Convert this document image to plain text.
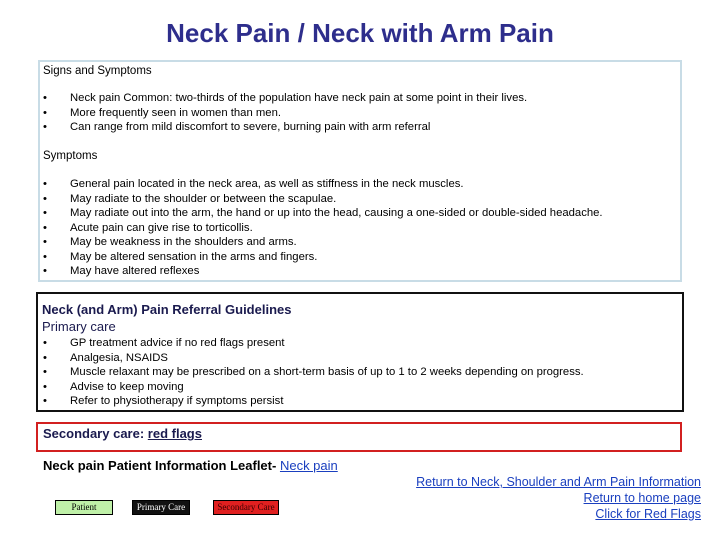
Neck Pain / Neck with Arm Pain
Signs and Symptoms
• Neck pain Common: two-thirds of the population have neck pain at some point in their lives.
• More frequently seen in women than men.
• Can range from mild discomfort to severe, burning pain with arm referral
Symptoms
• General pain located in the neck area, as well as stiffness in the neck muscles.
• May radiate to the shoulder or between the scapulae.
• May radiate out into the arm, the hand or up into the head, causing a one-sided or double-sided headache.
• Acute pain can give rise to torticollis.
• May be weakness in the shoulders and arms.
• May be altered sensation in the arms and fingers.
• May have altered reflexes
Neck (and Arm) Pain Referral Guidelines
Primary care
• GP treatment advice if no red flags present
• Analgesia, NSAIDS
• Muscle relaxant may be prescribed on a short-term basis of up to 1 to 2 weeks depending on progress.
• Advise to keep moving
• Refer to physiotherapy if symptoms persist
Secondary care: red flags
Neck pain Patient Information Leaflet- Neck pain
Return to Neck, Shoulder and Arm Pain Information
Return to home page
Click for Red Flags
Patient	Primary Care	Secondary Care
